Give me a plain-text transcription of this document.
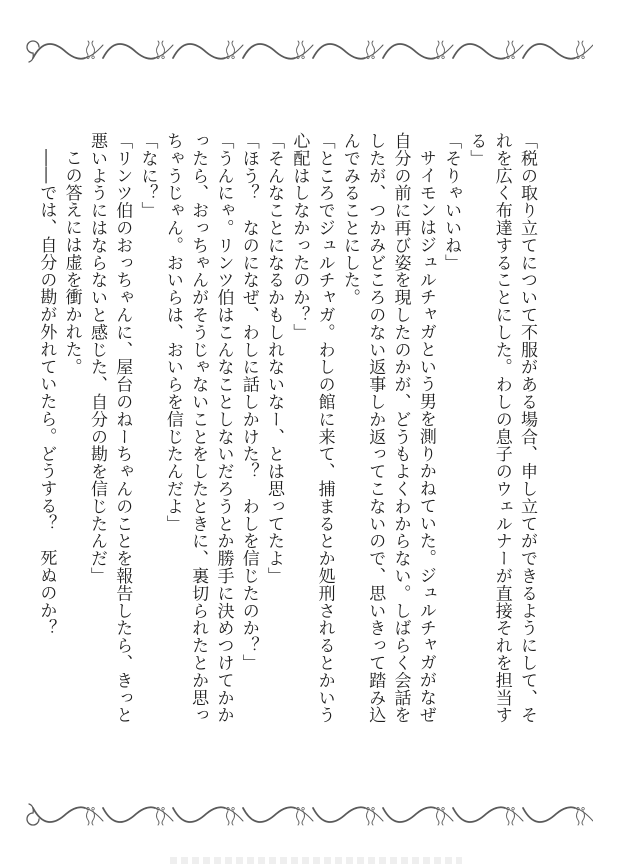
「税の取り立てについて不服がある場合、申し立てができるようにして、それを広く布達することにした。わしの息子のウェルナーが直接それを担当する」

「そりゃいいね」

サイモンはジュルチャガという男を測りかねていた。ジュルチャガがなぜ自分の前に再び姿を現したのかが、どうもよくわからない。しばらく会話をしたが、つかみどころのない返事しか返ってこないので、思いきって踏み込んでみることにした。

「ところでジュルチャガ。わしの館に来て、捕まるとか処刑されるとかいう心配はしなかったのか？」

「そんなことになるかもしれないなー、とは思ってたよ」

「ほう？　なのになぜ、わしに話しかけた？　わしを信じたのか？」

「うんにゃ。リンツ伯はこんなことしないだろうとか勝手に決めつけてかかったら、おっちゃんがそうじゃないことをしたときに、裏切られたとか思っちゃうじゃん。おいらは、おいらを信じたんだよ」

「なに？」

「リンツ伯のおっちゃんに、屋台のねーちゃんのことを報告したら、きっと悪いようにはならないと感じた、自分の勘を信じたんだ」

この答えには虚を衝かれた。

――では、自分の勘が外れていたら。どうする？　死ぬのか？
